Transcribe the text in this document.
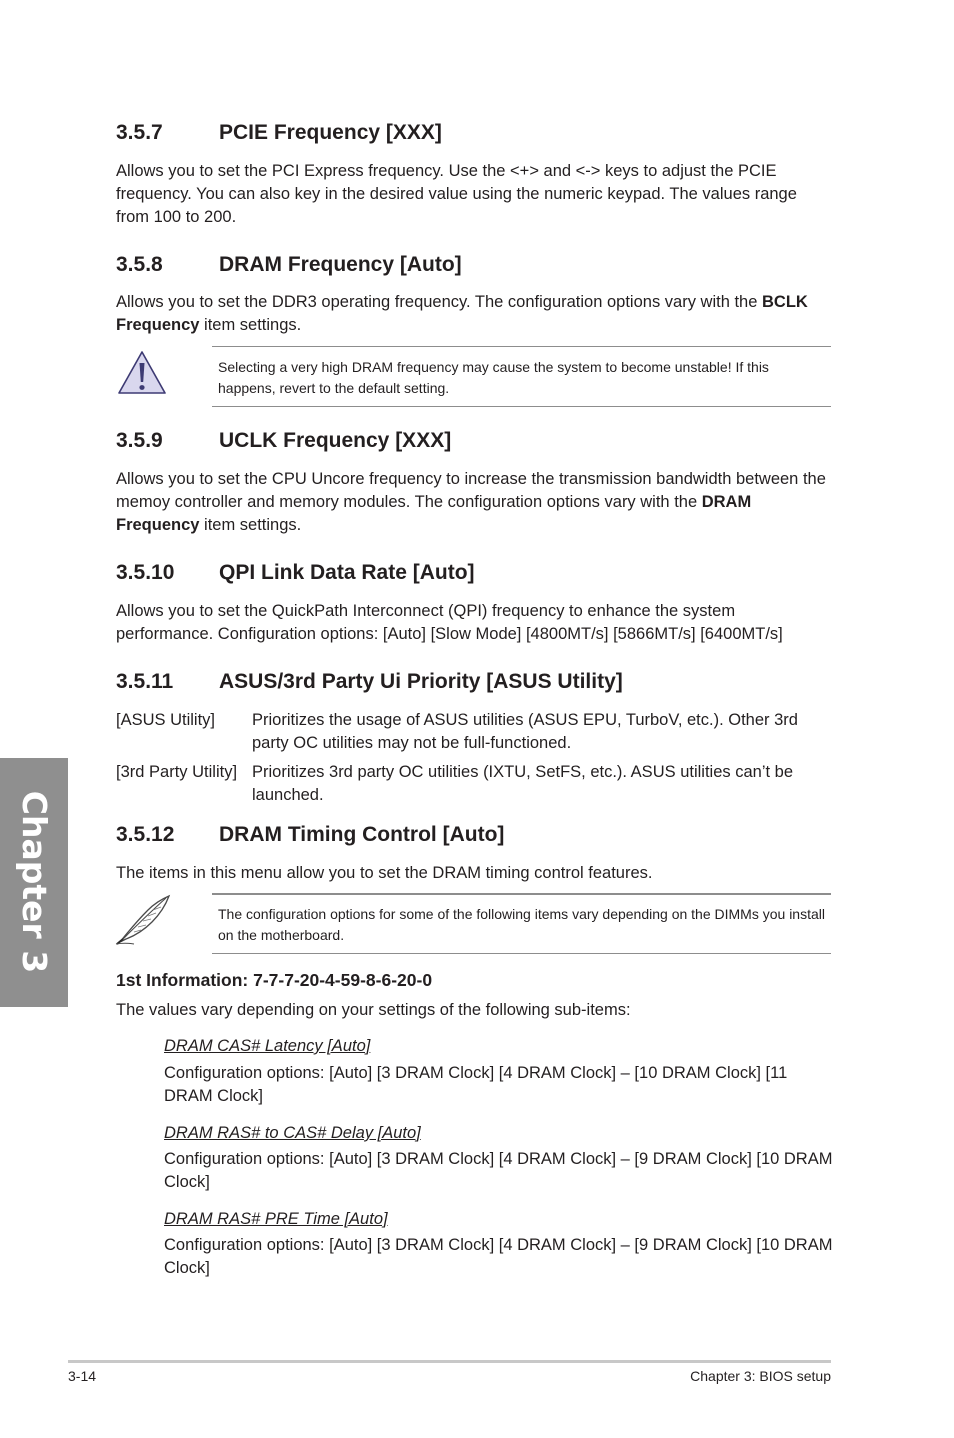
3.5.7	PCIE Frequency [XXX]
Allows you to set the PCI Express frequency. Use the <+> and <-> keys to adjust the PCIE frequency. You can also key in the desired value using the numeric keypad. The values range from 100 to 200.
3.5.8	DRAM Frequency [Auto]
Allows you to set the DDR3 operating frequency. The configuration options vary with the BCLK Frequency item settings.
Selecting a very high DRAM frequency may cause the system to become unstable! If this happens, revert to the default setting.
3.5.9	UCLK Frequency [XXX]
Allows you to set the CPU Uncore frequency to increase the transmission bandwidth between the memoy controller and memory modules. The configuration options vary with the DRAM Frequency item settings.
3.5.10 QPI Link Data Rate [Auto]
Allows you to set the QuickPath Interconnect (QPI) frequency to enhance the system performance. Configuration options: [Auto] [Slow Mode] [4800MT/s] [5866MT/s] [6400MT/s]
3.5.11 ASUS/3rd Party Ui Priority [ASUS Utility]
[ASUS Utility] Prioritizes the usage of ASUS utilities (ASUS EPU, TurboV, etc.). Other 3rd party OC utilities may not be full-functioned.
[3rd Party Utility] Prioritizes 3rd party OC utilities (IXTU, SetFS, etc.). ASUS utilities can’t be launched.
3.5.12 DRAM Timing Control [Auto]
The items in this menu allow you to set the DRAM timing control features.
The configuration options for some of the following items vary depending on the DIMMs you install on the motherboard.
1st Information: 7-7-7-20-4-59-8-6-20-0
The values vary depending on your settings of the following sub-items:
DRAM CAS# Latency [Auto]
Configuration options: [Auto] [3 DRAM Clock] [4 DRAM Clock] – [10 DRAM Clock] [11 DRAM Clock]
DRAM RAS# to CAS# Delay [Auto]
Configuration options: [Auto] [3 DRAM Clock] [4 DRAM Clock] – [9 DRAM Clock] [10 DRAM Clock]
DRAM RAS# PRE Time [Auto]
Configuration options: [Auto] [3 DRAM Clock] [4 DRAM Clock] – [9 DRAM Clock] [10 DRAM Clock]
Chapter 3
3-14	Chapter 3: BIOS setup
